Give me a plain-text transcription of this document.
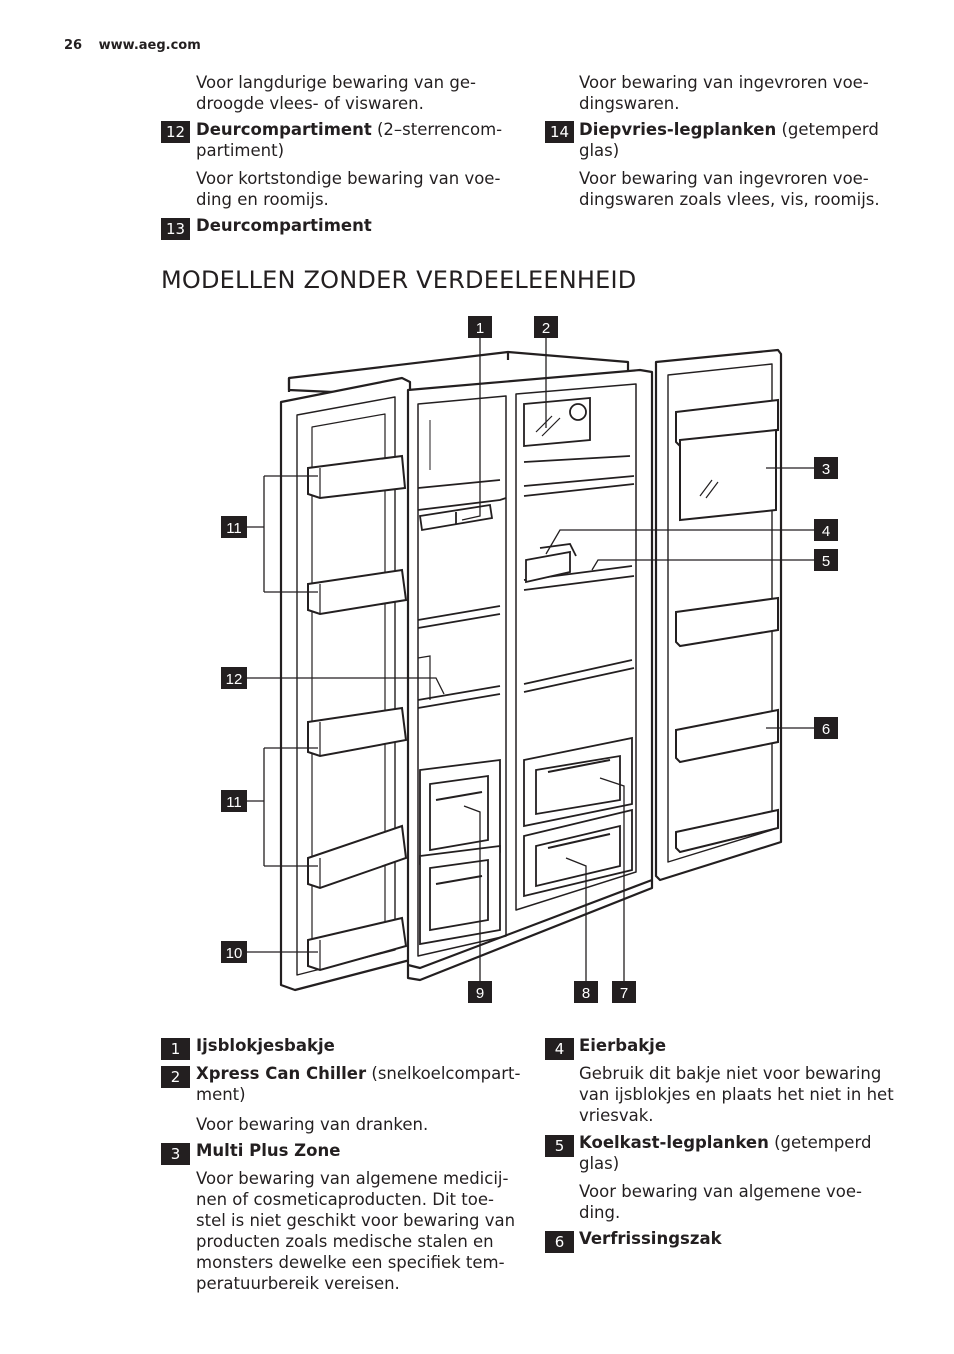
26 www.aeg.com
Voor langdurige bewaring van ge-
droogde vlees- of viswaren.
12 Deurcompartiment (2–sterrencom-
partiment)
Voor kortstondige bewaring van voe-
ding en roomijs.
13 Deurcompartiment
Voor bewaring van ingevroren voe-
dingswaren.
14 Diepvries-legplanken (getemperd
glas)
Voor bewaring van ingevroren voe-
dingswaren zoals vlees, vis, roomijs.
MODELLEN ZONDER VERDEELEENHEID
1	2
3
4
5
6
7
8
9
10
11
11
12
1 Ijsblokjesbakje
2 Xpress Can Chiller (snelkoelcompart-
ment)
Voor bewaring van dranken.
3 Multi Plus Zone
Voor bewaring van algemene medicij-
nen of cosmeticaproducten. Dit toe-
stel is niet geschikt voor bewaring van
producten zoals medische stalen en
monsters dewelke een specifiek tem-
peratuurbereik vereisen.
4 Eierbakje
Gebruik dit bakje niet voor bewaring
van ijsblokjes en plaats het niet in het
vriesvak.
5 Koelkast-legplanken (getemperd
glas)
Voor bewaring van algemene voe-
ding.
6 Verfrissingszak
